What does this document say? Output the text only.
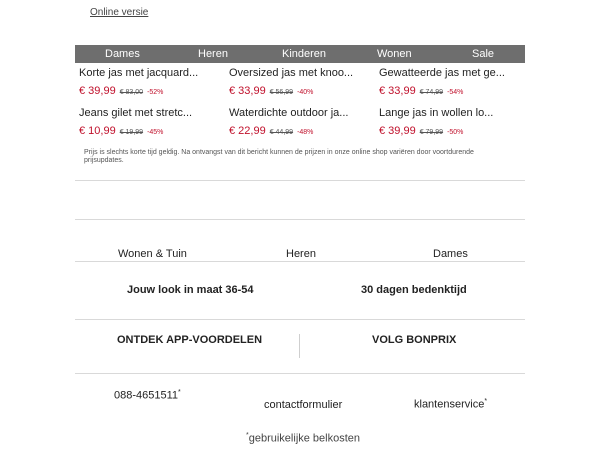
Online versie
Dames	Heren	Kinderen	Wonen	Sale
Korte jas met jacquard...
€ 39,99 € 83,00 -52%
Oversized jas met knoo...
€ 33,99 € 56,99 -40%
Gewatteerde jas met ge...
€ 33,99 € 74,99 -54%
Jeans gilet met stretc...
€ 10,99 € 19,99 -45%
Waterdichte outdoor ja...
€ 22,99 € 44,99 -48%
Lange jas in wollen lo...
€ 39,99 € 79,99 -50%
Prijs is slechts korte tijd geldig. Na ontvangst van dit bericht kunnen de prijzen in onze online shop variëren door voortdurende prijsupdates.
Wonen & Tuin	Heren	Dames
Jouw look in maat 36-54	30 dagen bedenktijd
ONTDEK APP-VOORDELEN	VOLG BONPRIX
088-4651511*
contactformulier	klantenservice*
*gebruikelijke belkosten
